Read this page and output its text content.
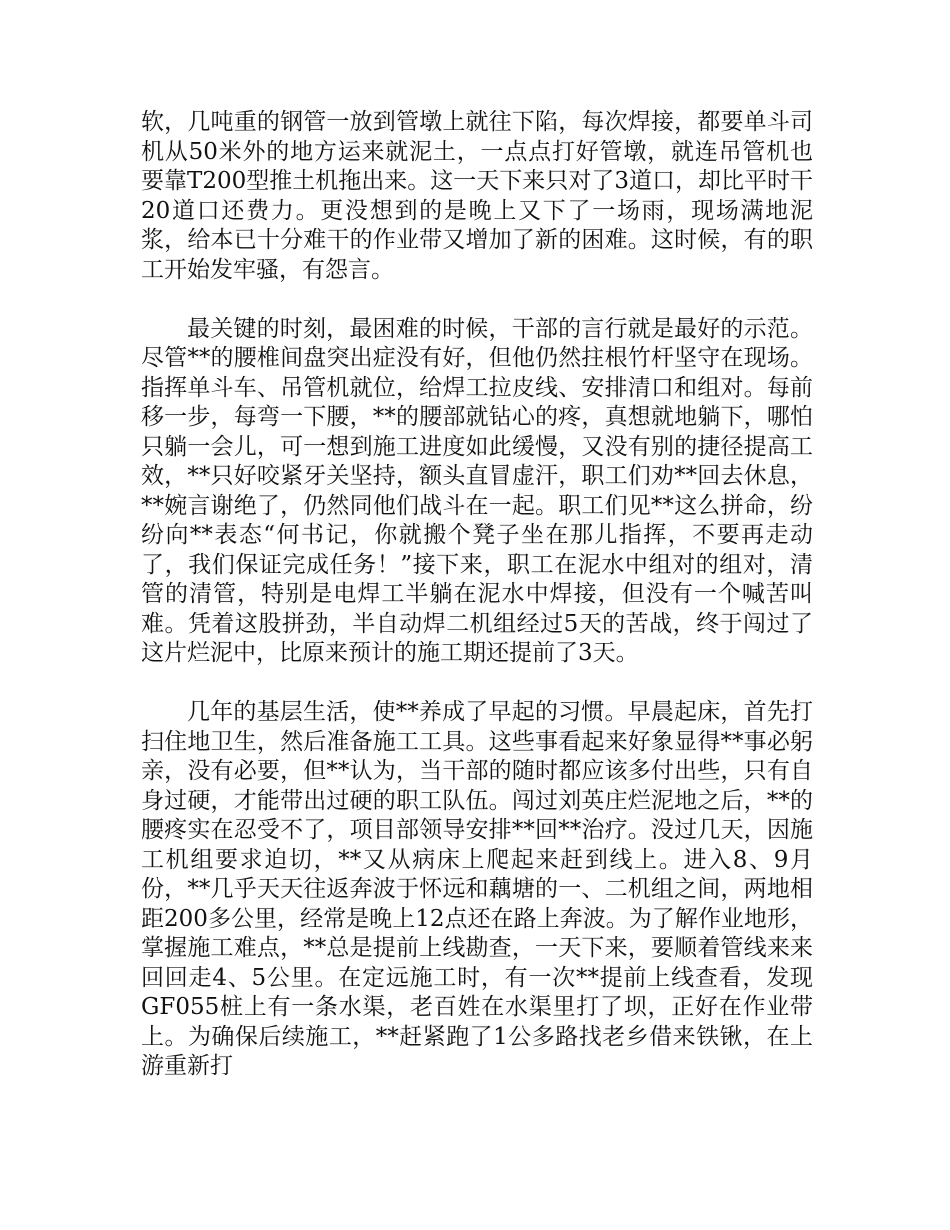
软，几吨重的钢管一放到管墩上就往下陷，每次焊接，都要单斗司机从50米外的地方运来就泥土，一点点打好管墩，就连吊管机也要靠T200型推土机拖出来。这一天下来只对了3道口，却比平时干20道口还费力。更没想到的是晚上又下了一场雨，现场满地泥浆，给本已十分难干的作业带又增加了新的困难。这时候，有的职工开始发牢骚，有怨言。

最关键的时刻，最困难的时候，干部的言行就是最好的示范。尽管**的腰椎间盘突出症没有好，但他仍然拄根竹杆坚守在现场。指挥单斗车、吊管机就位，给焊工拉皮线、安排清口和组对。每前移一步，每弯一下腰，**的腰部就钻心的疼，真想就地躺下，哪怕只躺一会儿，可一想到施工进度如此缓慢，又没有别的捷径提高工效，**只好咬紧牙关坚持，额头直冒虚汗，职工们劝**回去休息，**婉言谢绝了，仍然同他们战斗在一起。职工们见**这么拼命，纷纷向**表态“何书记，你就搬个凳子坐在那儿指挥，不要再走动了，我们保证完成任务！”接下来，职工在泥水中组对的组对，清管的清管，特别是电焊工半躺在泥水中焊接，但没有一个喊苦叫难。凭着这股拼劲，半自动焊二机组经过5天的苦战，终于闯过了这片烂泥中，比原来预计的施工期还提前了3天。

几年的基层生活，使**养成了早起的习惯。早晨起床，首先打扫住地卫生，然后准备施工工具。这些事看起来好象显得**事必躬亲，没有必要，但**认为，当干部的随时都应该多付出些，只有自身过硬，才能带出过硬的职工队伍。闯过刘英庄烂泥地之后，**的腰疼实在忍受不了，项目部领导安排**回**治疗。没过几天，因施工机组要求迫切，**又从病床上爬起来赶到线上。进入8、9月份，**几乎天天往返奔波于怀远和藕塘的一、二机组之间，两地相距200多公里，经常是晚上12点还在路上奔波。为了解作业地形，掌握施工难点，**总是提前上线勘查，一天下来，要顺着管线来来回回走4、5公里。在定远施工时，有一次**提前上线查看，发现GF055桩上有一条水渠，老百姓在水渠里打了坝，正好在作业带上。为确保后续施工，**赶紧跑了1公多路找老乡借来铁锹，在上游重新打
